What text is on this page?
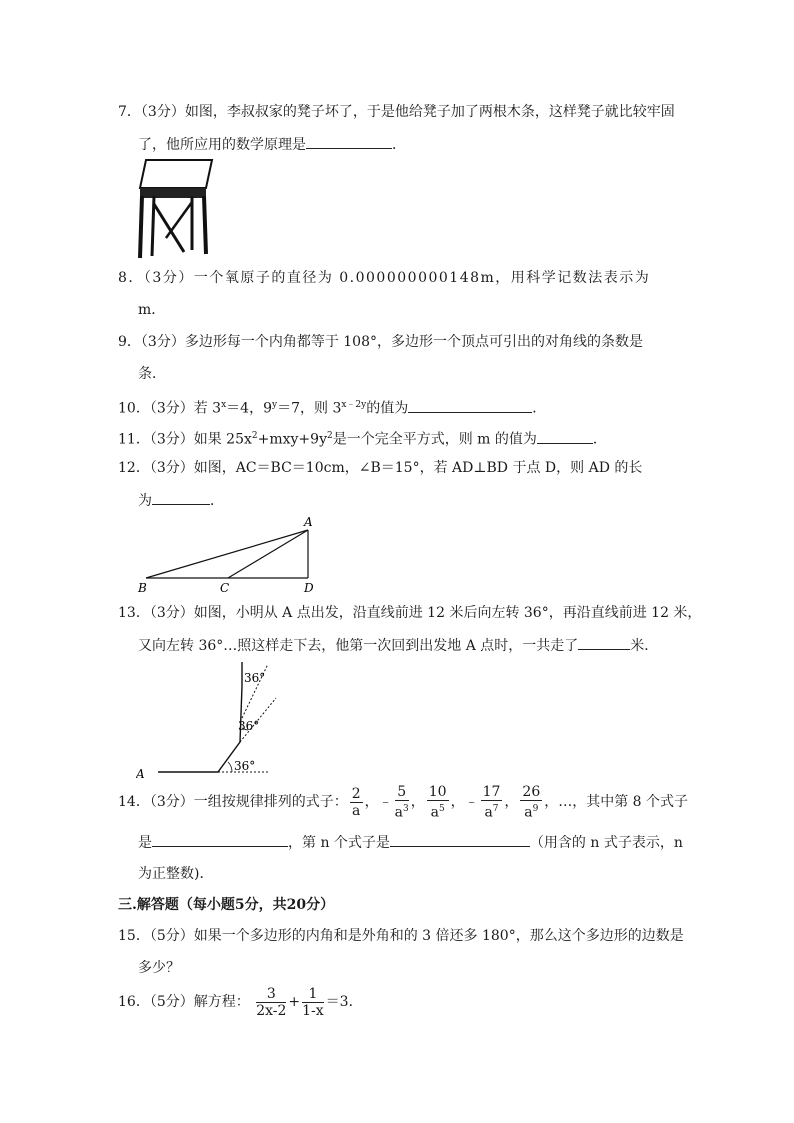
7．（3分）如图，李叔叔家的凳子坏了，于是他给凳子加了两根木条，这样凳子就比较牢固
了，他所应用的数学原理是	．
8．（3分）一个氧原子的直径为 0.000000000148m，用科学记数法表示为
m．
9．（3分）多边形每一个内角都等于 108°，多边形一个顶点可引出的对角线的条数是
条．
10．（3分）若 $3^x=4$，$9^y=7$，则 $3^{x﹣2y}$的值为	．
11．（3分）如果 $25x^2+mxy+9y^2$是一个完全平方式，则 m 的值为	．
12．（3分）如图，AC＝BC＝10cm，∠B＝15°，若 AD⊥BD 于点 D，则 AD 的长
为	．
A
B	C	D
13．（3分）如图，小明从 A 点出发，沿直线前进 12 米后向左转 36°，再沿直线前进 12 米，
又向左转 36°…照这样走下去，他第一次回到出发地 A 点时，一共走了	米．
A
36°
36°
36°
14．（3分）一组按规律排列的式子： $\frac{2}{a}$ ，﹣ $\frac{5}{a^3}$ ， $\frac{10}{a^5}$ ，﹣ $\frac{17}{a^7}$ ， $\frac{26}{a^9}$ ，…，其中第 8 个式子
是	，第 n 个式子是	（用含的 n 式子表示，n
为正整数)．
三.解答题（每小题5分，共20分）
15．（5分）如果一个多边形的内角和是外角和的 3 倍还多 180°，那么这个多边形的边数是
多少？
16．（5分）解方程： $\frac{3}{2x-2} + \frac{1}{1-x} =3$．
